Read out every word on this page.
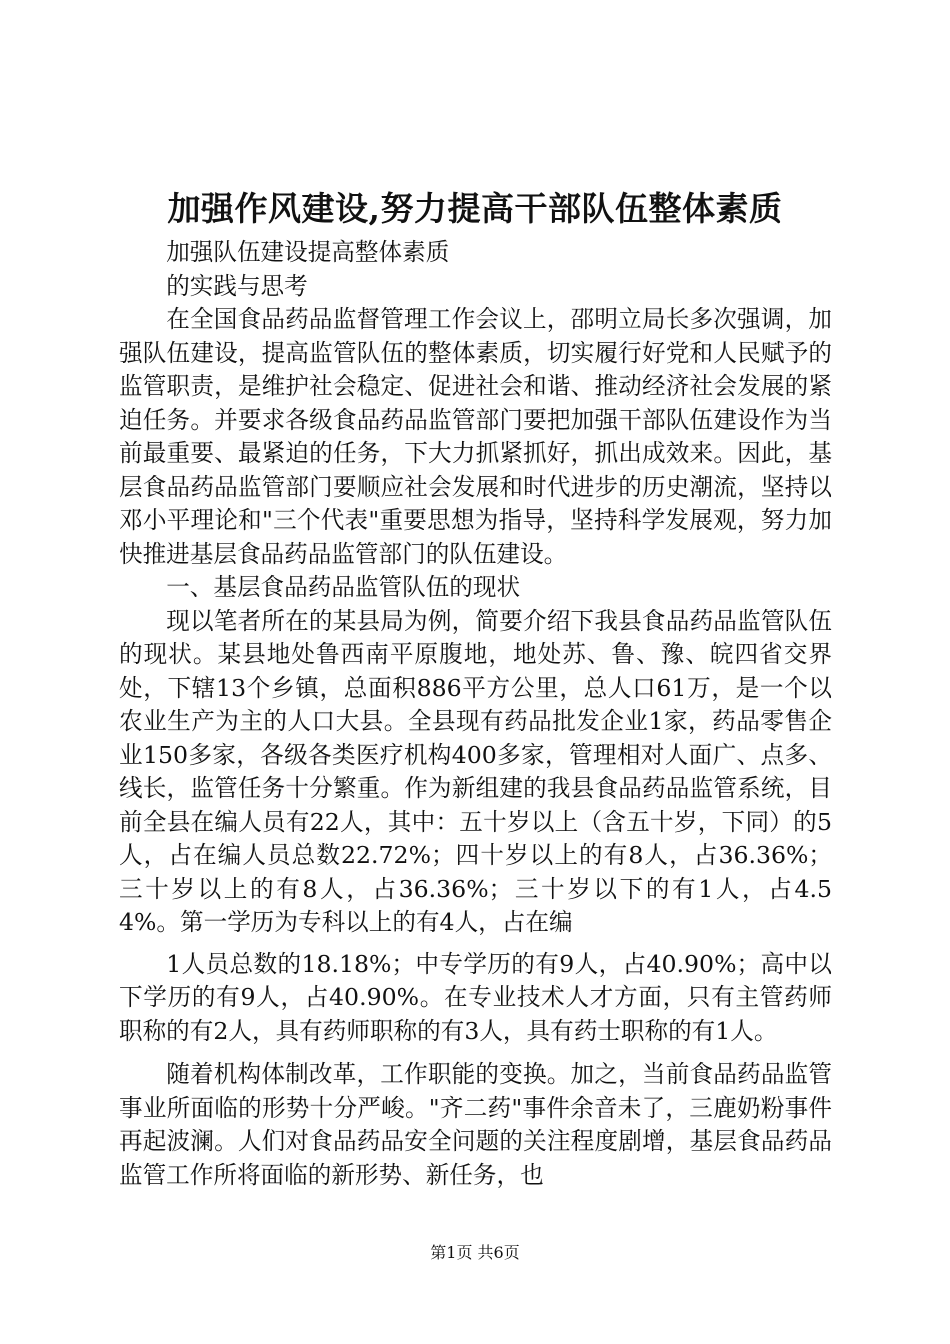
加强作风建设,努力提高干部队伍整体素质

加强队伍建设提高整体素质

的实践与思考

在全国食品药品监督管理工作会议上，邵明立局长多次强调，加强队伍建设，提高监管队伍的整体素质，切实履行好党和人民赋予的监管职责，是维护社会稳定、促进社会和谐、推动经济社会发展的紧迫任务。并要求各级食品药品监管部门要把加强干部队伍建设作为当前最重要、最紧迫的任务，下大力抓紧抓好，抓出成效来。因此，基层食品药品监管部门要顺应社会发展和时代进步的历史潮流，坚持以邓小平理论和"三个代表"重要思想为指导，坚持科学发展观，努力加快推进基层食品药品监管部门的队伍建设。

一、基层食品药品监管队伍的现状

现以笔者所在的某县局为例，简要介绍下我县食品药品监管队伍的现状。某县地处鲁西南平原腹地，地处苏、鲁、豫、皖四省交界处，下辖13个乡镇，总面积886平方公里，总人口61万，是一个以农业生产为主的人口大县。全县现有药品批发企业1家，药品零售企业150多家，各级各类医疗机构400多家，管理相对人面广、点多、线长，监管任务十分繁重。作为新组建的我县食品药品监管系统，目前全县在编人员有22人，其中：五十岁以上（含五十岁，下同）的5人，占在编人员总数22.72%；四十岁以上的有8人，占36.36%；三十岁以上的有8人，占36.36%；三十岁以下的有1人，占4.54%。第一学历为专科以上的有4人，占在编

1人员总数的18.18%；中专学历的有9人，占40.90%；高中以下学历的有9人，占40.90%。在专业技术人才方面，只有主管药师职称的有2人，具有药师职称的有3人，具有药士职称的有1人。

随着机构体制改革，工作职能的变换。加之，当前食品药品监管事业所面临的形势十分严峻。"齐二药"事件余音未了，三鹿奶粉事件再起波澜。人们对食品药品安全问题的关注程度剧增，基层食品药品监管工作所将面临的新形势、新任务，也

第1页 共6页
